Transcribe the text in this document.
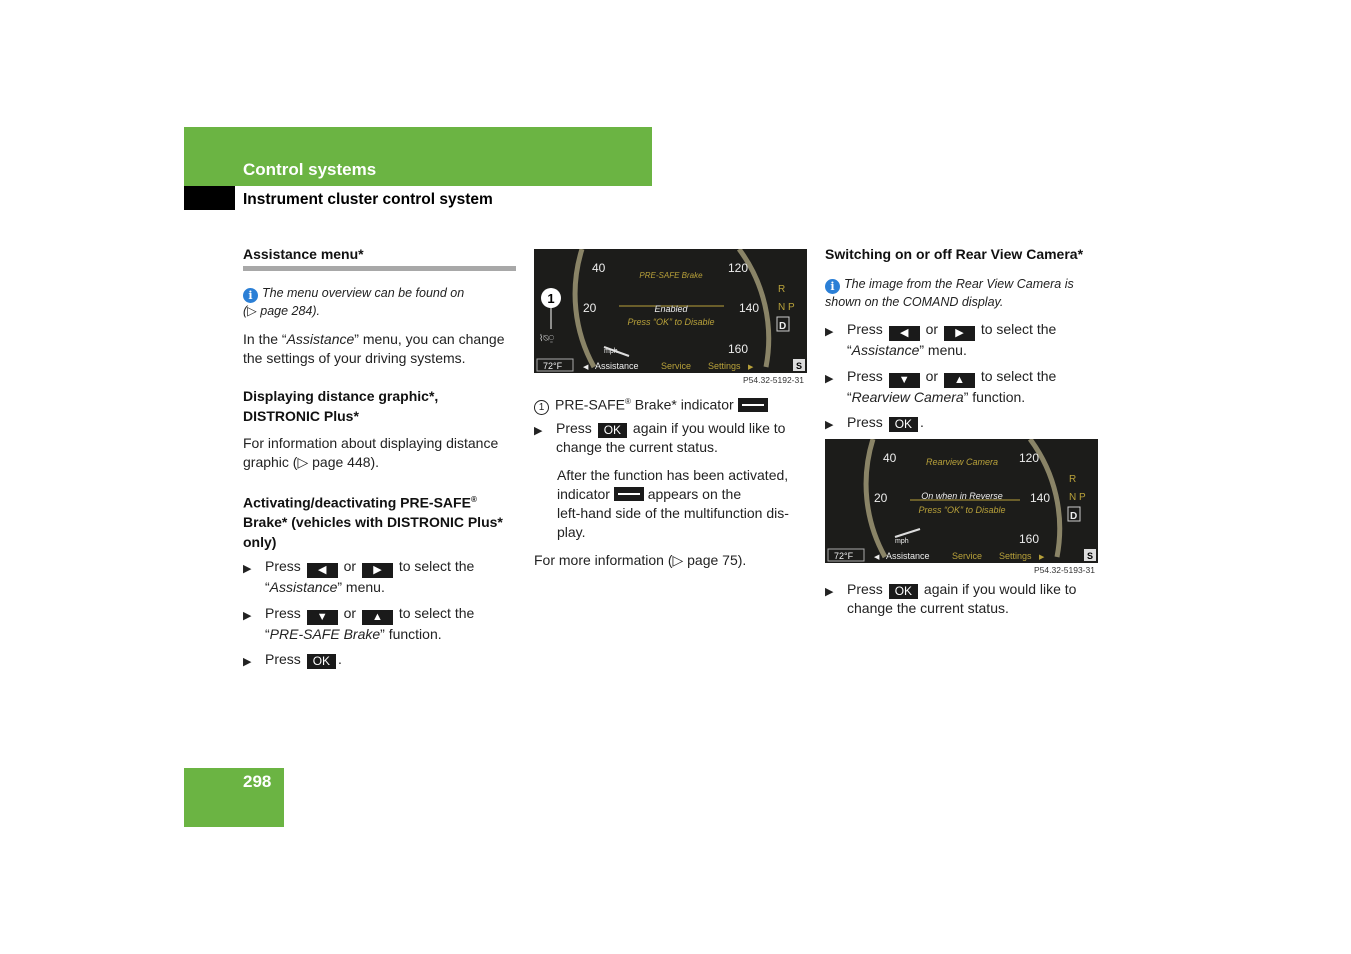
Control systems
Instrument cluster control system
Assistance menu*
i The menu overview can be found on
(▷ page 284).
In the “Assistance” menu, you can change
the settings of your driving systems.
Displaying distance graphic*,
DISTRONIC Plus*
For information about displaying distance
graphic (▷ page 448).
Activating/deactivating PRE-SAFE®
Brake* (vehicles with DISTRONIC Plus*
only)
▶ Press ◀ or ▶ to select the
“Assistance” menu.
▶ Press ▼ or ▲ to select the
“PRE-SAFE Brake” function.
▶ Press OK .
40	120
20	140
160
PRE-SAFE Brake
Enabled
Press “OK” to Disable
mph
1
⌇⍉⍜
R
N P
D
72°F	◀ Assistance Service Settings ▶	S
P54.32-5192-31
1 PRE-SAFE® Brake* indicator
▶ Press OK again if you would like to
change the current status.
After the function has been activated,
indicator	appears on the
left-hand side of the multifunction dis-
play.
For more information (▷ page 75).
Switching on or off Rear View Camera*
i The image from the Rear View Camera is
shown on the COMAND display.
▶ Press ◀ or ▶ to select the
“Assistance” menu.
▶ Press ▼ or ▲ to select the
“Rearview Camera” function.
▶ Press OK .
40	120
20	140
160
Rearview Camera
On when in Reverse
Press “OK” to Disable
mph
R
N P
D
72°F	◀ Assistance Service Settings ▶	S
P54.32-5193-31
▶ Press OK again if you would like to
change the current status.
298
